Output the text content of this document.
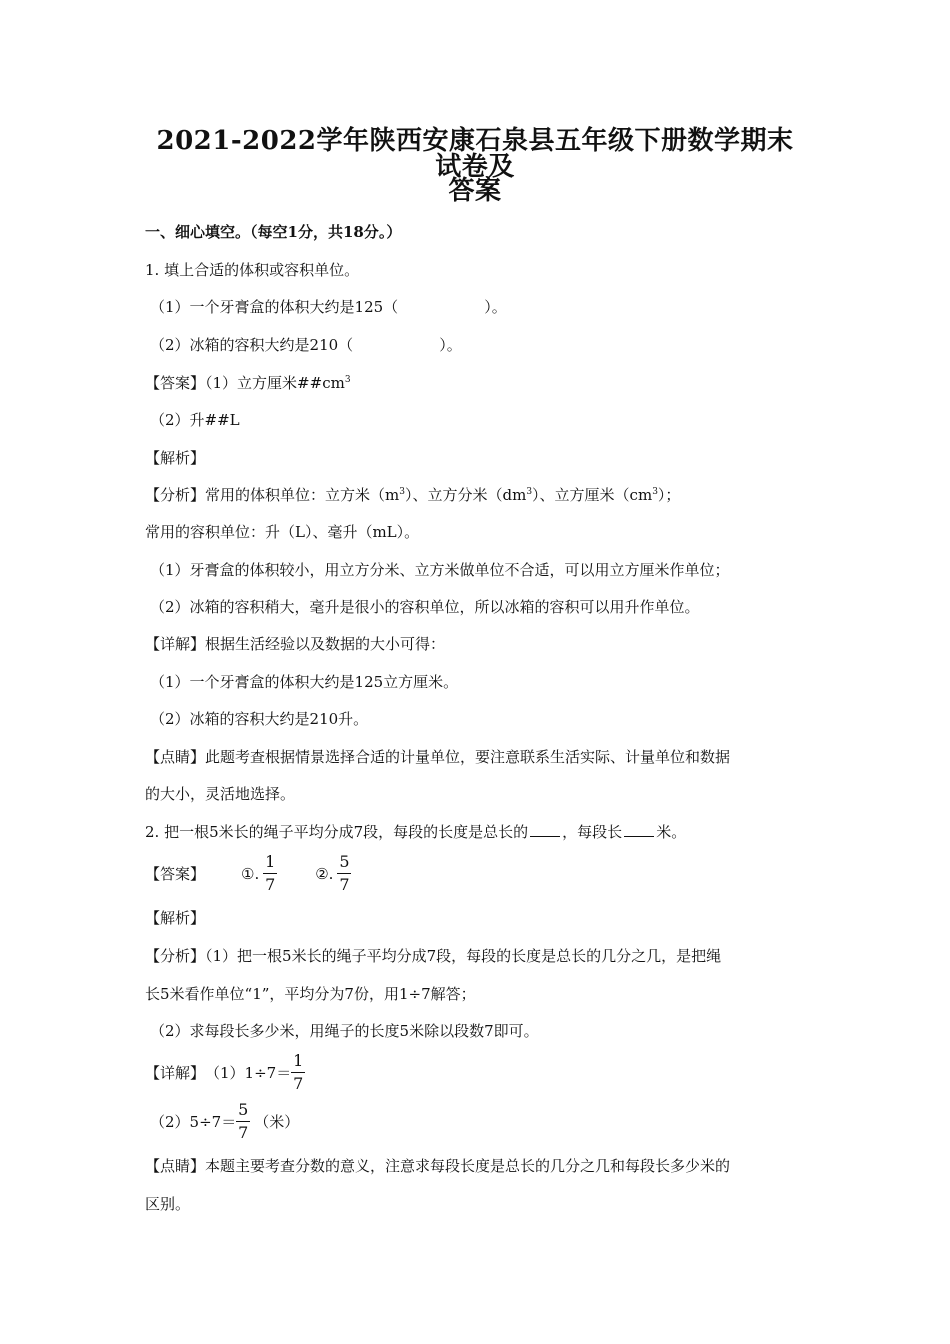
2021-2022学年陕西安康石泉县五年级下册数学期末试卷及
答案
一、细心填空。（每空1分，共18分。）
1. 填上合适的体积或容积单位。
（1）一个牙膏盒的体积大约是125（	）。
（2）冰箱的容积大约是210（	）。
【答案】（1）立方厘米$\#\#cm^3$
（2）升##L
【解析】
【分析】常用的体积单位：立方米$(m^3)$、立方分米$(dm^3)$、立方厘米$(cm^3)$；
常用的容积单位：升（L）、毫升（mL）。
（1）牙膏盒的体积较小，用立方分米、立方米做单位不合适，可以用立方厘米作单位；
（2）冰箱的容积稍大，毫升是很小的容积单位，所以冰箱的容积可以用升作单位。
【详解】根据生活经验以及数据的大小可得：
（1）一个牙膏盒的体积大约是125立方厘米。
（2）冰箱的容积大约是210升。
【点睛】此题考查根据情景选择合适的计量单位，要注意联系生活实际、计量单位和数据
的大小，灵活地选择。
2. 把一根5米长的绳子平均分成7段，每段的长度是总长的 ，每段长 米。
【答案】 ①. $\frac{1}{7}$	②. $\frac{5}{7}$
【解析】
【分析】（1）把一根5米长的绳子平均分成7段，每段的长度是总长的几分之几，是把绳
长5米看作单位“1”，平均分为7份，用1÷7解答；
（2）求每段长多少米，用绳子的长度5米除以段数7即可。
【详解】 $(1)1\div 7= \frac{1}{7}$
$(2)5\div 7= \frac{5}{7}$ （米）
【点睛】本题主要考查分数的意义，注意求每段长度是总长的几分之几和每段长多少米的
区别。
